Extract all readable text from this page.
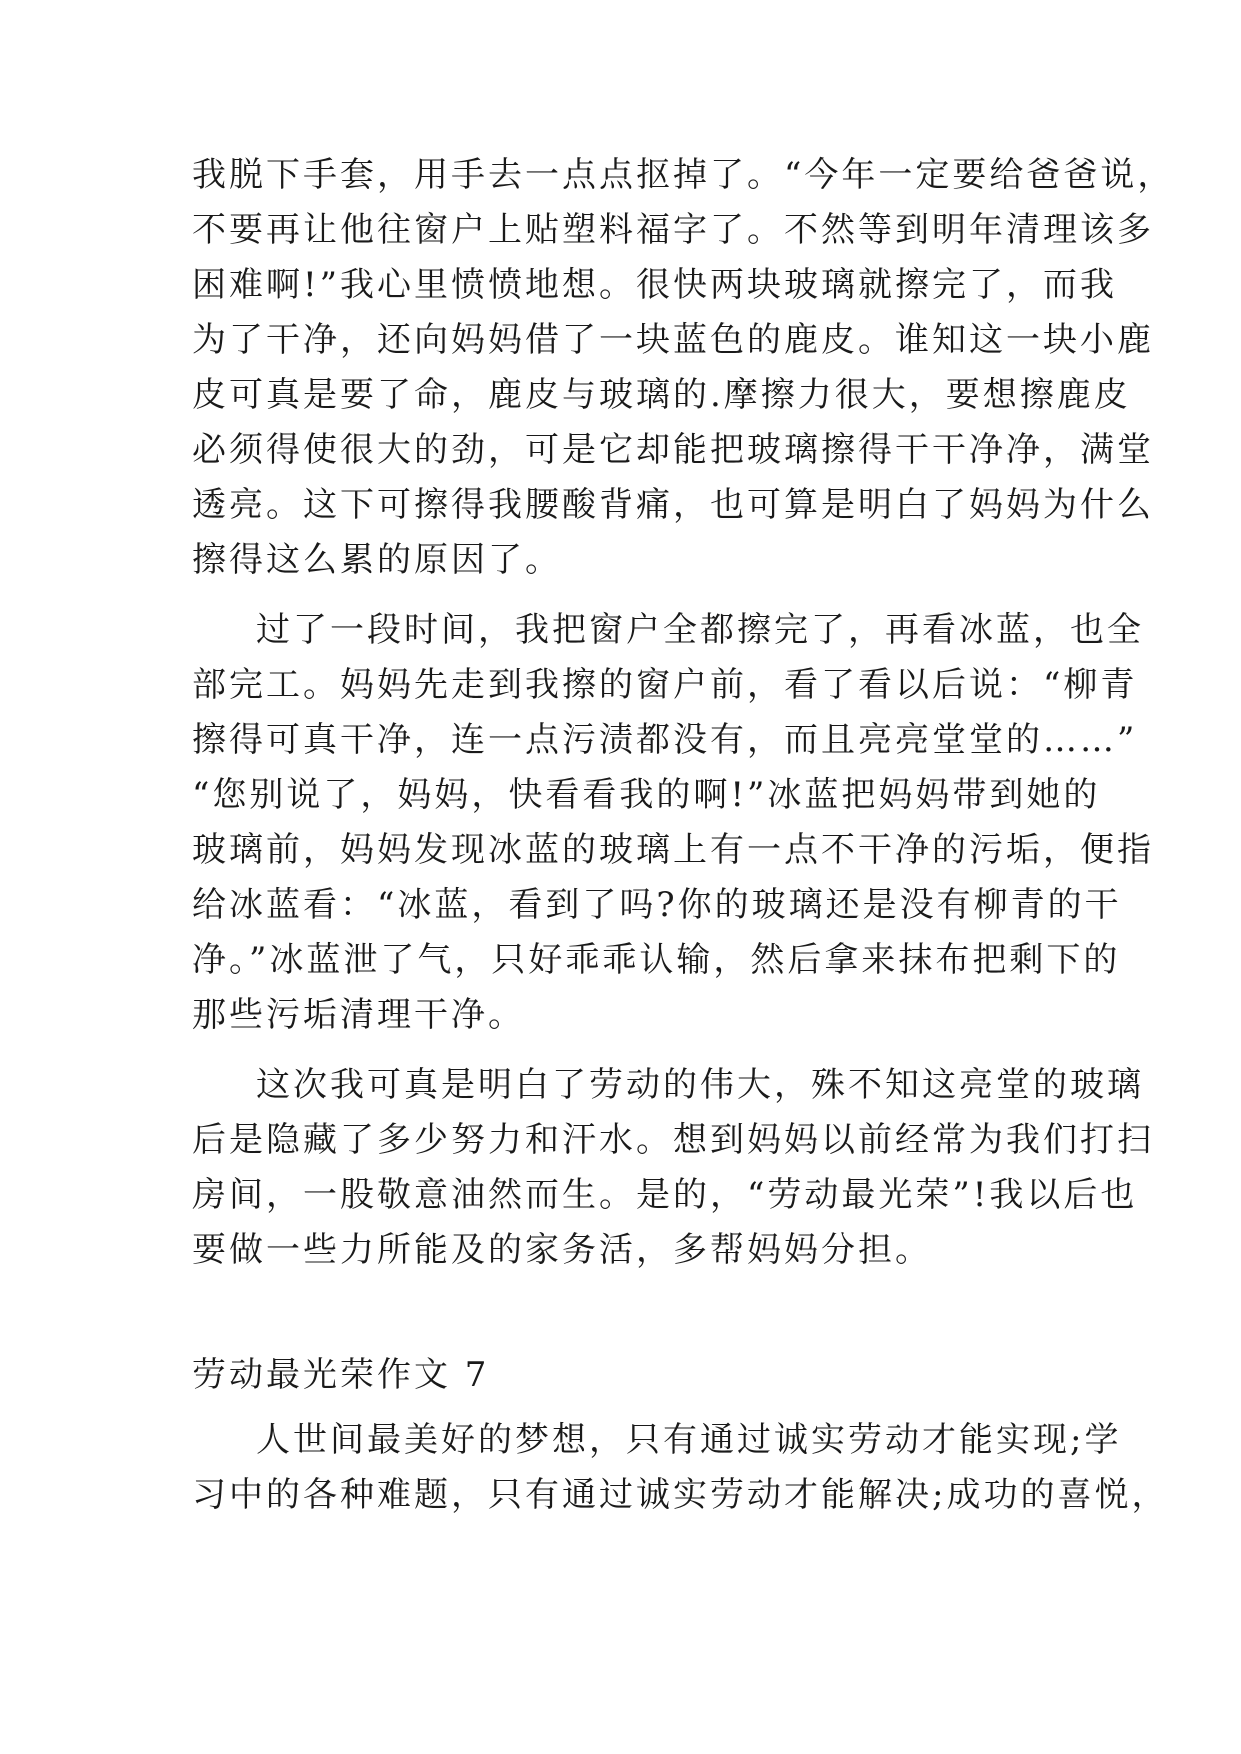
我脱下手套，用手去一点点抠掉了。“今年一定要给爸爸说，
不要再让他往窗户上贴塑料福字了。不然等到明年清理该多
困难啊!”我心里愤愤地想。很快两块玻璃就擦完了，而我
为了干净，还向妈妈借了一块蓝色的鹿皮。谁知这一块小鹿
皮可真是要了命，鹿皮与玻璃的.摩擦力很大，要想擦鹿皮
必须得使很大的劲，可是它却能把玻璃擦得干干净净，满堂
透亮。这下可擦得我腰酸背痛，也可算是明白了妈妈为什么
擦得这么累的原因了。
过了一段时间，我把窗户全都擦完了，再看冰蓝，也全
部完工。妈妈先走到我擦的窗户前，看了看以后说：“柳青
擦得可真干净，连一点污渍都没有，而且亮亮堂堂的……”
“您别说了，妈妈，快看看我的啊!”冰蓝把妈妈带到她的
玻璃前，妈妈发现冰蓝的玻璃上有一点不干净的污垢，便指
给冰蓝看：“冰蓝，看到了吗?你的玻璃还是没有柳青的干
净。”冰蓝泄了气，只好乖乖认输，然后拿来抹布把剩下的
那些污垢清理干净。
这次我可真是明白了劳动的伟大，殊不知这亮堂的玻璃
后是隐藏了多少努力和汗水。想到妈妈以前经常为我们打扫
房间，一股敬意油然而生。是的，“劳动最光荣”!我以后也
要做一些力所能及的家务活，多帮妈妈分担。
劳动最光荣作文 7
人世间最美好的梦想，只有通过诚实劳动才能实现;学
习中的各种难题，只有通过诚实劳动才能解决;成功的喜悦，
